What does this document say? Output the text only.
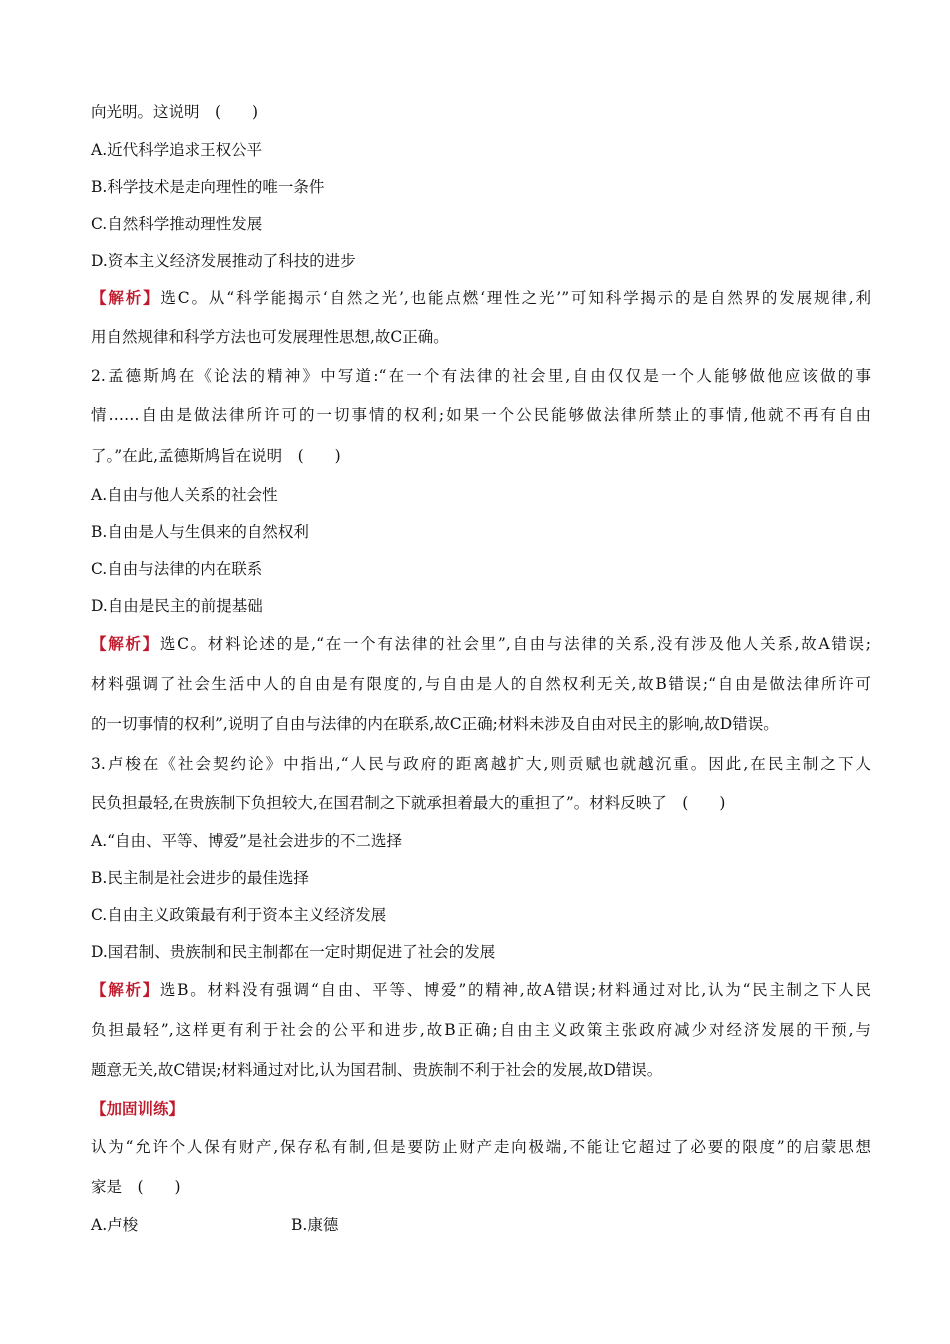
向光明。这说明　(　　)
A.近代科学追求王权公平
B.科学技术是走向理性的唯一条件
C.自然科学推动理性发展
D.资本主义经济发展推动了科技的进步
【解析】选C。从“科学能揭示‘自然之光’,也能点燃‘理性之光’”可知科学揭示的是自然界的发展规律,利
用自然规律和科学方法也可发展理性思想,故C正确。
2.孟德斯鸠在《论法的精神》中写道:“在一个有法律的社会里,自由仅仅是一个人能够做他应该做的事
情……自由是做法律所许可的一切事情的权利;如果一个公民能够做法律所禁止的事情,他就不再有自由
了。”在此,孟德斯鸠旨在说明　(　　)
A.自由与他人关系的社会性
B.自由是人与生俱来的自然权利
C.自由与法律的内在联系
D.自由是民主的前提基础
【解析】选C。材料论述的是,“在一个有法律的社会里”,自由与法律的关系,没有涉及他人关系,故A错误;
材料强调了社会生活中人的自由是有限度的,与自由是人的自然权利无关,故B错误;“自由是做法律所许可
的一切事情的权利”,说明了自由与法律的内在联系,故C正确;材料未涉及自由对民主的影响,故D错误。
3.卢梭在《社会契约论》中指出,“人民与政府的距离越扩大,则贡赋也就越沉重。因此,在民主制之下人
民负担最轻,在贵族制下负担较大,在国君制之下就承担着最大的重担了”。材料反映了　(　　)
A.“自由、平等、博爱”是社会进步的不二选择
B.民主制是社会进步的最佳选择
C.自由主义政策最有利于资本主义经济发展
D.国君制、贵族制和民主制都在一定时期促进了社会的发展
【解析】选B。材料没有强调“自由、平等、博爱”的精神,故A错误;材料通过对比,认为“民主制之下人民
负担最轻”,这样更有利于社会的公平和进步,故B正确;自由主义政策主张政府减少对经济发展的干预,与
题意无关,故C错误;材料通过对比,认为国君制、贵族制不利于社会的发展,故D错误。
【加固训练】
认为“允许个人保有财产,保存私有制,但是要防止财产走向极端,不能让它超过了必要的限度”的启蒙思想
家是　(　　)
A.卢梭	B.康德
